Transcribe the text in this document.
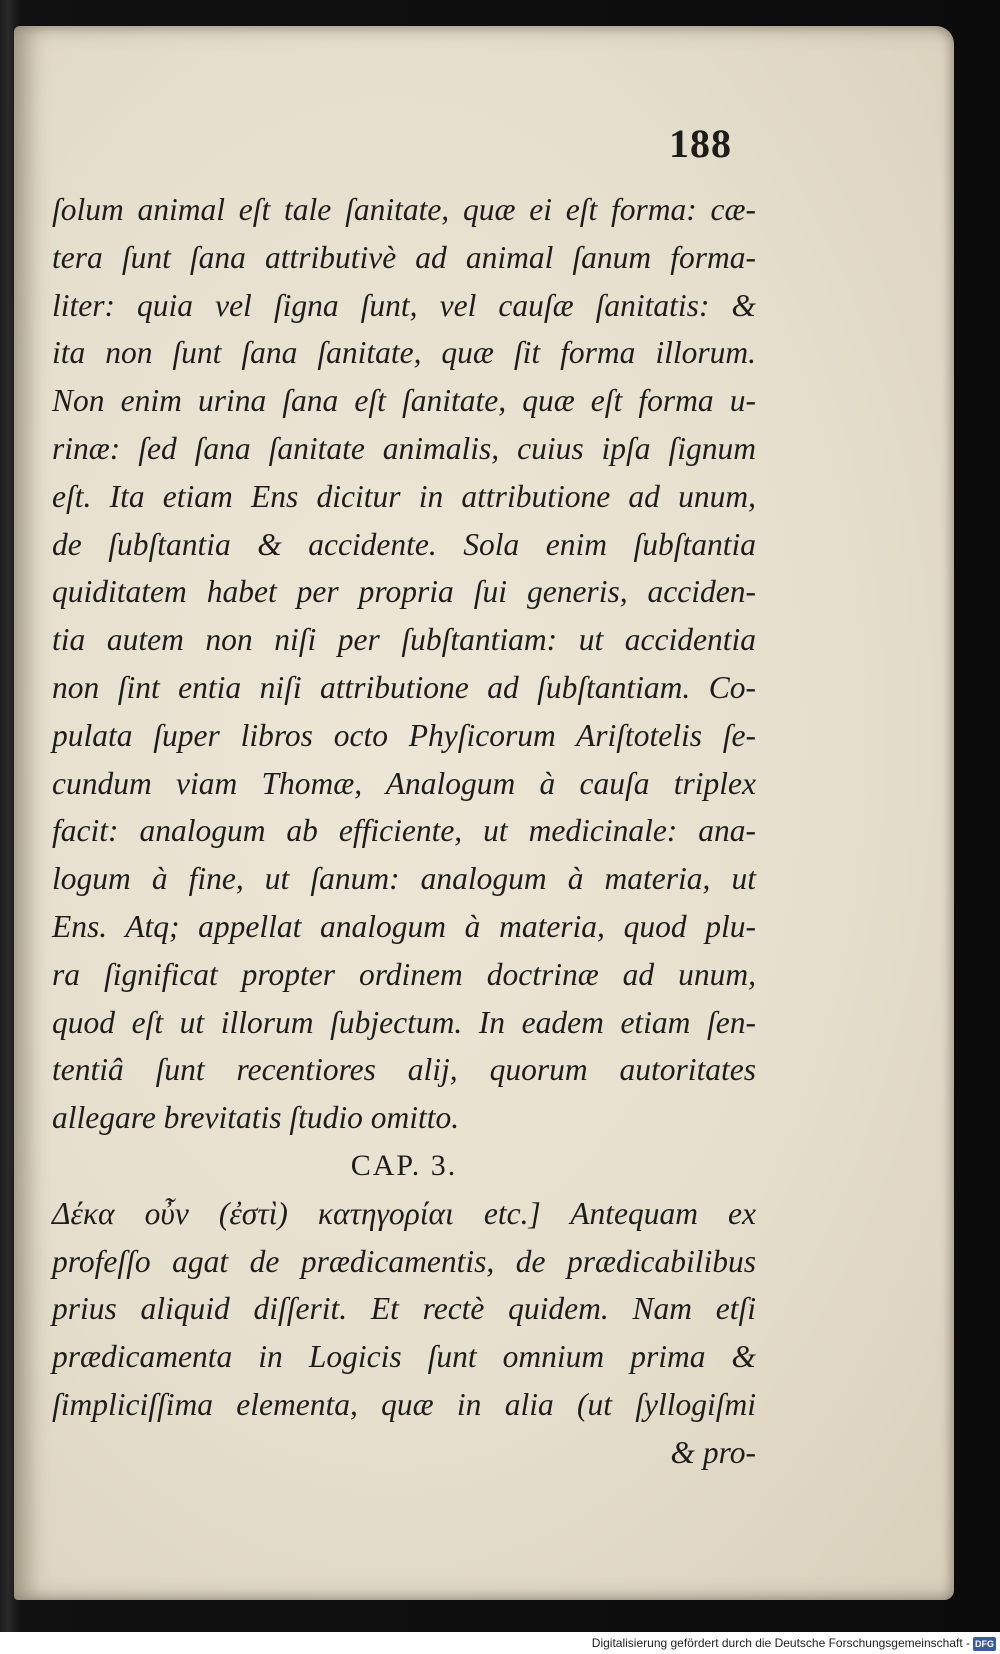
188
ſolum animal eſt tale ſanitate, quæ ei eſt forma: cæ-
tera ſunt ſana attributivè ad animal ſanum forma-
liter: quia vel ſigna ſunt, vel cauſæ ſanitatis: &
ita non ſunt ſana ſanitate, quæ ſit forma illorum.
Non enim urina ſana eſt ſanitate, quæ eſt forma u-
rinæ: ſed ſana ſanitate animalis, cuius ipſa ſignum
eſt. Ita etiam Ens dicitur in attributione ad unum,
de ſubſtantia & accidente. Sola enim ſubſtantia
quiditatem habet per propria ſui generis, acciden-
tia autem non niſi per ſubſtantiam: ut accidentia
non ſint entia niſi attributione ad ſubſtantiam. Co-
pulata ſuper libros octo Phyſicorum Ariſtotelis ſe-
cundum viam Thomæ, Analogum à cauſa triplex
facit: analogum ab efficiente, ut medicinale: ana-
logum à fine, ut ſanum: analogum à materia, ut
Ens. Atq; appellat analogum à materia, quod plu-
ra ſignificat propter ordinem doctrinæ ad unum,
quod eſt ut illorum ſubjectum. In eadem etiam ſen-
tentiâ ſunt recentiores alij, quorum autoritates
allegare brevitatis ſtudio omitto.
CAP. 3.
Δέκα οὖν (ἐστὶ) κατηγορίαι etc.] Antequam ex
profeſſo agat de prædicamentis, de prædicabilibus
prius aliquid diſſerit. Et rectè quidem. Nam etſi
prædicamenta in Logicis ſunt omnium prima &
ſimpliciſſima elementa, quæ in alia (ut ſyllogiſmi
& pro-
Digitalisierung gefördert durch die Deutsche Forschungsgemeinschaft - DFG
